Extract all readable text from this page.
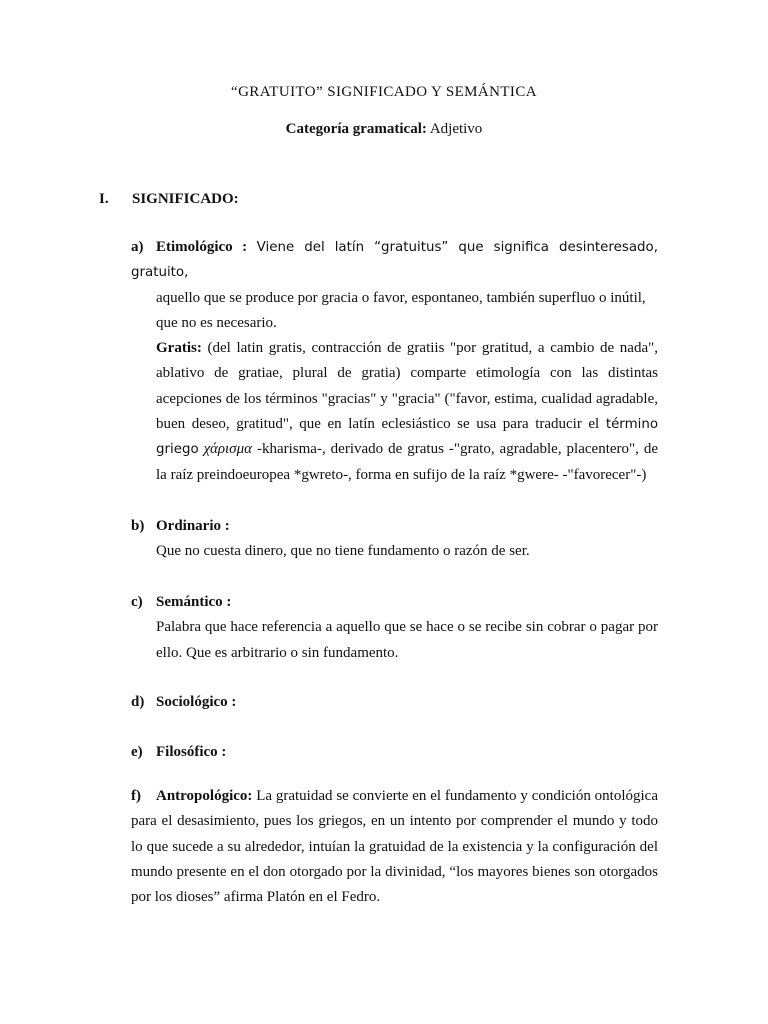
“GRATUITO” SIGNIFICADO Y SEMÁNTICA
Categoría gramatical: Adjetivo
I. SIGNIFICADO:
a) Etimológico : Viene del latín “gratuitus” que significa desinteresado, gratuito,
aquello que se produce por gracia o favor, espontaneo, también superfluo o inútil, que no es necesario.
Gratis: (del latin gratis, contracción de gratiis "por gratitud, a cambio de nada", ablativo de gratiae, plural de gratia) comparte etimología con las distintas acepciones de los términos "gracias" y "gracia" ("favor, estima, cualidad agradable, buen deseo, gratitud", que en latín eclesiástico se usa para traducir el término griego χάρισμα -kharisma-, derivado de gratus -"grato, agradable, placentero", de la raíz preindoeuropea *gwreto-, forma en sufijo de la raíz *gwere- -"favorecer"-)
b) Ordinario :
Que no cuesta dinero, que no tiene fundamento o razón de ser.
c) Semántico :
Palabra que hace referencia a aquello que se hace o se recibe sin cobrar o pagar por ello. Que es arbitrario o sin fundamento.
d) Sociológico :
e) Filosófico :
f) Antropológico: La gratuidad se convierte en el fundamento y condición ontológica para el desasimiento, pues los griegos, en un intento por comprender el mundo y todo lo que sucede a su alrededor, intuían la gratuidad de la existencia y la configuración del mundo presente en el don otorgado por la divinidad, “los mayores bienes son otorgados por los dioses” afirma Platón en el Fedro.
